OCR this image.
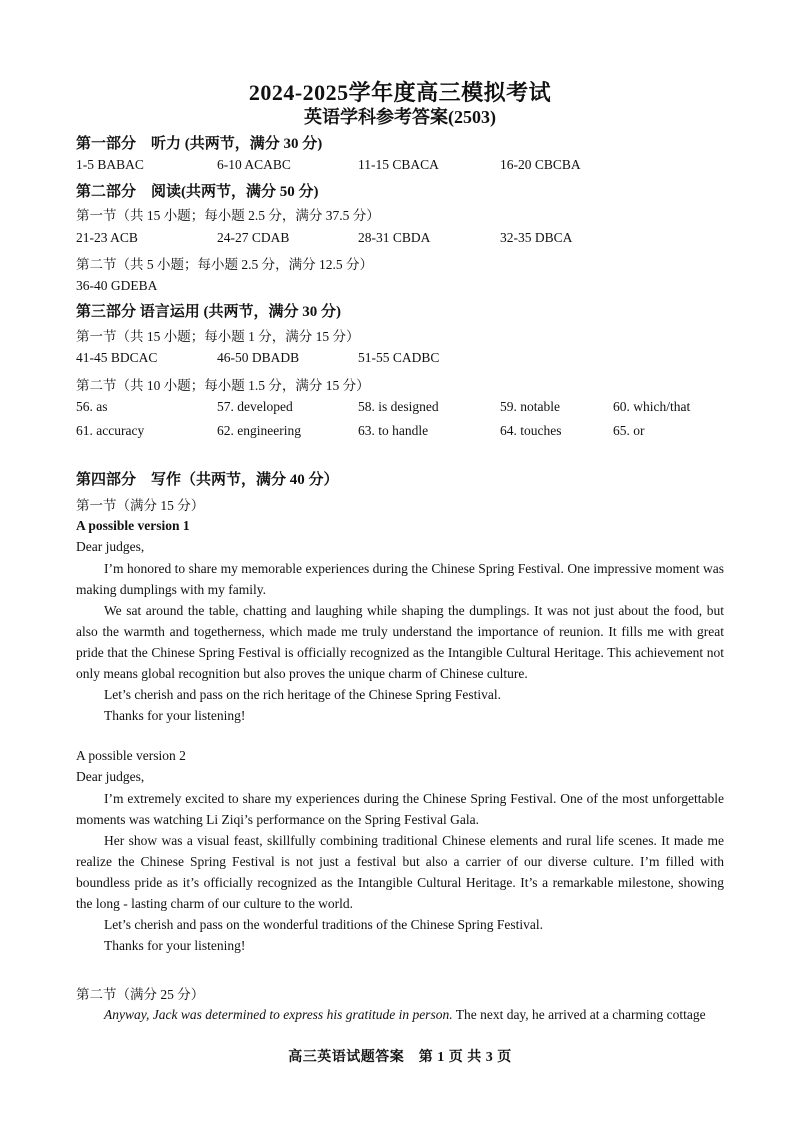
2024-2025学年度高三模拟考试
英语学科参考答案(2503)
第一部分　听力 (共两节，满分 30 分)
1-5 BABAC	6-10 ACABC	11-15 CBACA	16-20 CBCBA
第二部分　阅读(共两节，满分 50 分)
第一节（共 15 小题；每小题 2.5 分，满分 37.5 分）
21-23 ACB	24-27 CDAB	28-31 CBDA	32-35 DBCA
第二节（共 5 小题；每小题 2.5 分，满分 12.5 分）
36-40 GDEBA
第三部分 语言运用 (共两节，满分 30 分)
第一节（共 15 小题；每小题 1 分，满分 15 分）
41-45 BDCAC	46-50 DBADB	51-55 CADBC
第二节（共 10 小题；每小题 1.5 分，满分 15 分）
56. as	57. developed	58. is designed	59. notable	60. which/that
61. accuracy	62. engineering	63. to handle	64. touches	65. or
第四部分　写作（共两节，满分 40 分）
第一节（满分 15 分）
A possible version 1
Dear judges,
I’m honored to share my memorable experiences during the Chinese Spring Festival. One impressive moment was making dumplings with my family.
We sat around the table, chatting and laughing while shaping the dumplings. It was not just about the food, but also the warmth and togetherness, which made me truly understand the importance of reunion. It fills me with great pride that the Chinese Spring Festival is officially recognized as the Intangible Cultural Heritage. This achievement not only means global recognition but also proves the unique charm of Chinese culture.
Let’s cherish and pass on the rich heritage of the Chinese Spring Festival.
Thanks for your listening!
A possible version 2
Dear judges,
I’m extremely excited to share my experiences during the Chinese Spring Festival. One of the most unforgettable moments was watching Li Ziqi’s performance on the Spring Festival Gala.
Her show was a visual feast, skillfully combining traditional Chinese elements and rural life scenes. It made me realize the Chinese Spring Festival is not just a festival but also a carrier of our diverse culture. I’m filled with boundless pride as it’s officially recognized as the Intangible Cultural Heritage. It’s a remarkable milestone, showing the long - lasting charm of our culture to the world.
Let’s cherish and pass on the wonderful traditions of the Chinese Spring Festival.
Thanks for your listening!
第二节（满分 25 分）
Anyway, Jack was determined to express his gratitude in person. The next day, he arrived at a charming cottage
高三英语试题答案　第 1 页 共 3 页
